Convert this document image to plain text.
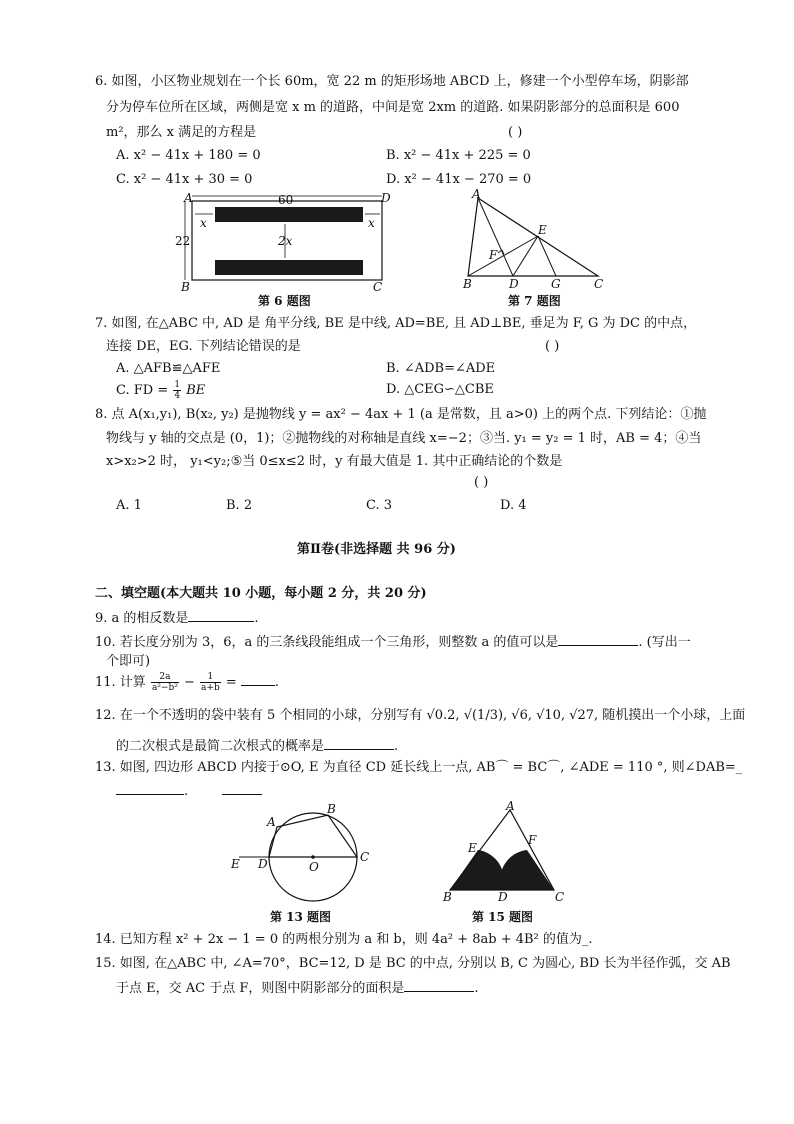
6. 如图，小区物业规划在一个长 60m，宽 22 m 的矩形场地 ABCD 上，修建一个小型停车场，阴影部
分为停车位所在区域，两侧是宽 x m 的道路，中间是宽 2xm 的道路. 如果阴影部分的总面积是 600
m²，那么 x 满足的方程是	( )
A. x² − 41x + 180 = 0	B. x² − 41x + 225 = 0
C. x² − 41x + 30 = 0	D. x² − 41x − 270 = 0
A	D
B	C
60
22	2x
x	x
第 6 题图
A
B	C
D
E
F
G
第 7 题图
7. 如图, 在△ABC 中, AD 是 角平分线, BE 是中线, AD=BE, 且 AD⊥BE, 垂足为 F, G 为 DC 的中点，
连接 DE，EG. 下列结论错误的是	( )
A. △AFB≌△AFE	B. ∠ADB=∠ADE
C. FD = $\frac{1}{4}$ BE	D. △CEG∽△CBE
8. 点 A(x₁,y₁), B(x₂, y₂) 是抛物线 y = ax² − 4ax + 1 (a 是常数，且 a>0) 上的两个点. 下列结论：①抛
物线与 y 轴的交点是 (0，1)；②抛物线的对称轴是直线 x=−2；③当. y₁ = y₂ = 1 时，AB = 4；④当
x>x₂>2 时， y₁<y₂;⑤当 0≤x≤2 时，y 有最大值是 1. 其中正确结论的个数是
( )
A. 1	B. 2	C. 3	D. 4
第Ⅱ卷(非选择题 共 96 分)
二、填空题(本大题共 10 小题，每小题 2 分，共 20 分)
9. a 的相反数是	.
10. 若长度分别为 3，6，a 的三条线段能组成一个三角形，则整数 a 的值可以是	. (写出一
个即可)
11. 计算 $\frac{2a}{\text{a²−b²}} - \frac{1}{a+b}$ =	.
12. 在一个不透明的袋中装有 5 个相同的小球，分别写有 √0.2, √(1/3), √6, √10, √27, 随机摸出一个小球，上面
的二次根式是最简二次根式的概率是	.
13. 如图, 四边形 ABCD 内接于⊙O, E 为直径 CD 延长线上一点, AB⌒ = BC⌒, ∠ADE = 110 °, 则∠DAB=_
.
A
B
C
D
E	O
第 13 题图
A
B	C
D
E
F
第 15 题图
14. 已知方程 x² + 2x − 1 = 0 的两根分别为 a 和 b，则 4a² + 8ab + 4B² 的值为_.
15. 如图, 在△ABC 中, ∠A=70°，BC=12, D 是 BC 的中点, 分别以 B, C 为圆心, BD 长为半径作弧，交 AB
于点 E，交 AC 于点 F，则图中阴影部分的面积是	.
